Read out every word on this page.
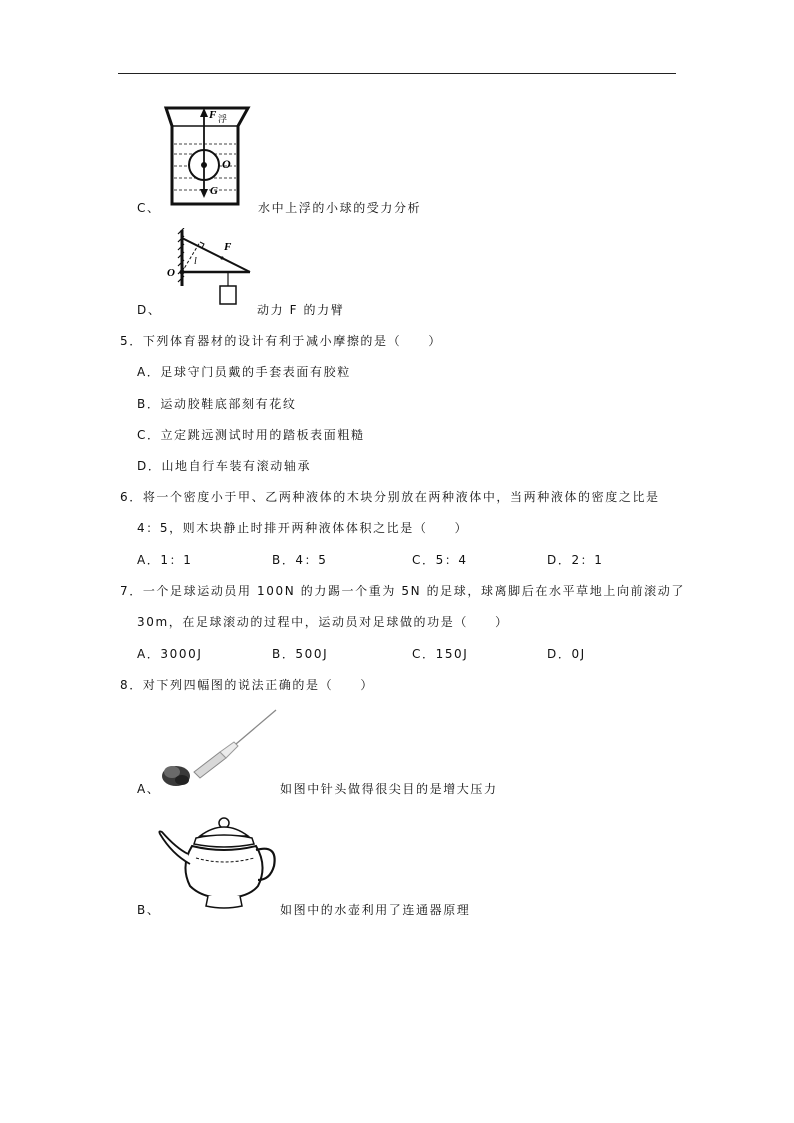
F 浮
O
G
C、	水中上浮的小球的受力分析
F
O
l
D、	动力 F 的力臂
5．下列体育器材的设计有利于减小摩擦的是（　　）
A．足球守门员戴的手套表面有胶粒
B．运动胶鞋底部刻有花纹
C．立定跳远测试时用的踏板表面粗糙
D．山地自行车装有滚动轴承
6．将一个密度小于甲、乙两种液体的木块分别放在两种液体中，当两种液体的密度之比是
4：5，则木块静止时排开两种液体体积之比是（　　）
A．1：1	B．4：5	C．5：4	D．2：1
7．一个足球运动员用 100N 的力踢一个重为 5N 的足球，球离脚后在水平草地上向前滚动了
30m，在足球滚动的过程中，运动员对足球做的功是（　　）
A．3000J	B．500J	C．150J	D．0J
8．对下列四幅图的说法正确的是（　　）
A、	如图中针头做得很尖目的是增大压力
B、	如图中的水壶利用了连通器原理
